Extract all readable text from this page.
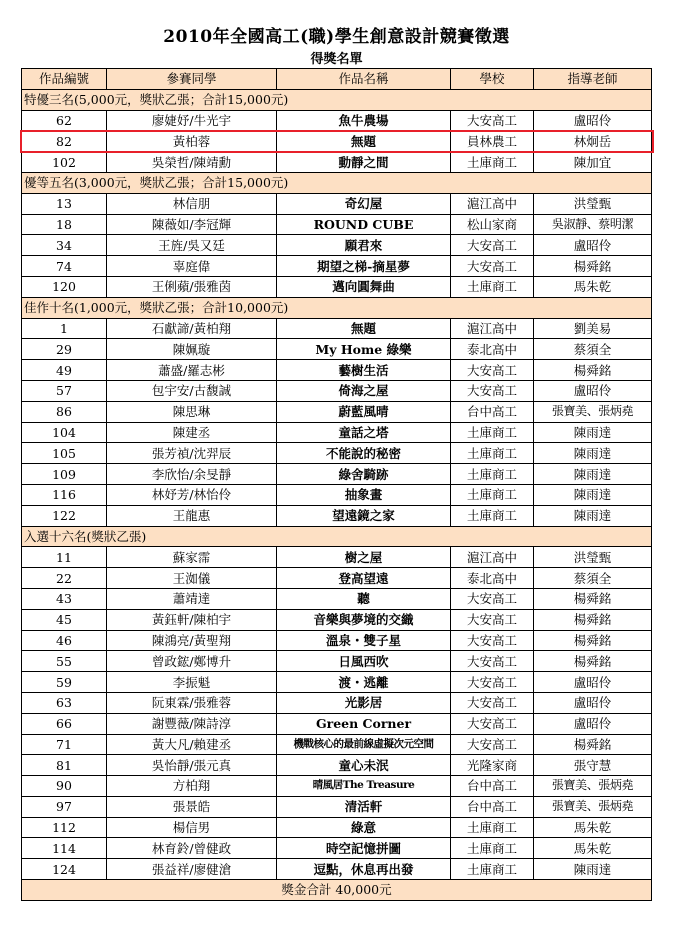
2010年全國高工(職)學生創意設計競賽徵選
得獎名單
作品編號	參賽同學	作品名稱	學校	指導老師
特優三名(5,000元，獎狀乙張；合計15,000元)				
62	廖婕妤/牛光宇	魚牛農場	大安高工	盧昭伶
82	黃柏蓉	無題	員林農工	林炯岳
102	吳榮哲/陳靖勳	動靜之間	土庫商工	陳加宜
優等五名(3,000元，獎狀乙張；合計15,000元)				
13	林信朋	奇幻屋	滬江高中	洪瑩甄
18	陳薇如/李冠輝	ROUND CUBE	松山家商	吳淑靜、蔡明潔
34	王旌/吳又廷	願君來	大安高工	盧昭伶
74	辜庭偉	期望之梯-摘星夢	大安高工	楊舜銘
120	王俐蘋/張雅茵	邁向圓舞曲	土庫商工	馬朱乾
佳作十名(1,000元，獎狀乙張；合計10,000元)				
1	石獻諦/黃柏翔	無題	滬江高中	劉美易
29	陳姵璇	My Home 綠樂	泰北高中	蔡須全
49	蕭盛/羅志彬	藝樹生活	大安高工	楊舜銘
57	包宇安/古馥誠	倚海之屋	大安高工	盧昭伶
86	陳思琳	蔚藍風晴	台中高工	張寶美、張炳堯
104	陳建丞	童話之塔	土庫商工	陳雨達
105	張芳禎/沈羿辰	不能說的秘密	土庫商工	陳雨達
109	李欣怡/余旻靜	綠舍騎跡	土庫商工	陳雨達
116	林妤芳/林怡伶	抽象畫	土庫商工	陳雨達
122	王龍惠	望遠鏡之家	土庫商工	陳雨達
入選十六名(獎狀乙張)				
11	蘇家霈	樹之屋	滬江高中	洪瑩甄
22	王洳儀	登高望遠	泰北高中	蔡須全
43	蕭靖達	聽	大安高工	楊舜銘
45	黃鈺軒/陳柏宇	音樂與夢境的交織	大安高工	楊舜銘
46	陳鴻亮/黃聖翔	溫泉・雙子星	大安高工	楊舜銘
55	曾政鋐/鄭博升	日風西吹	大安高工	楊舜銘
59	李振魁	渡・逃離	大安高工	盧昭伶
63	阮東霖/張雅蓉	光影居	大安高工	盧昭伶
66	謝豐薇/陳詩淳	Green Corner	大安高工	盧昭伶
71	黃大凡/賴建丞	機戰核心的最前線虛擬次元空間	大安高工	楊舜銘
81	吳怡靜/張元真	童心未泯	光隆家商	張守慧
90	方柏翔	晴風居The Treasure	台中高工	張寶美、張炳堯
97	張景皓	清活軒	台中高工	張寶美、張炳堯
112	楊信男	綠意	土庫商工	馬朱乾
114	林育鈴/曾健政	時空記憶拼圖	土庫商工	馬朱乾
124	張益祥/廖健滄	逗點，休息再出發	土庫商工	陳雨達
獎金合計 40,000元				
